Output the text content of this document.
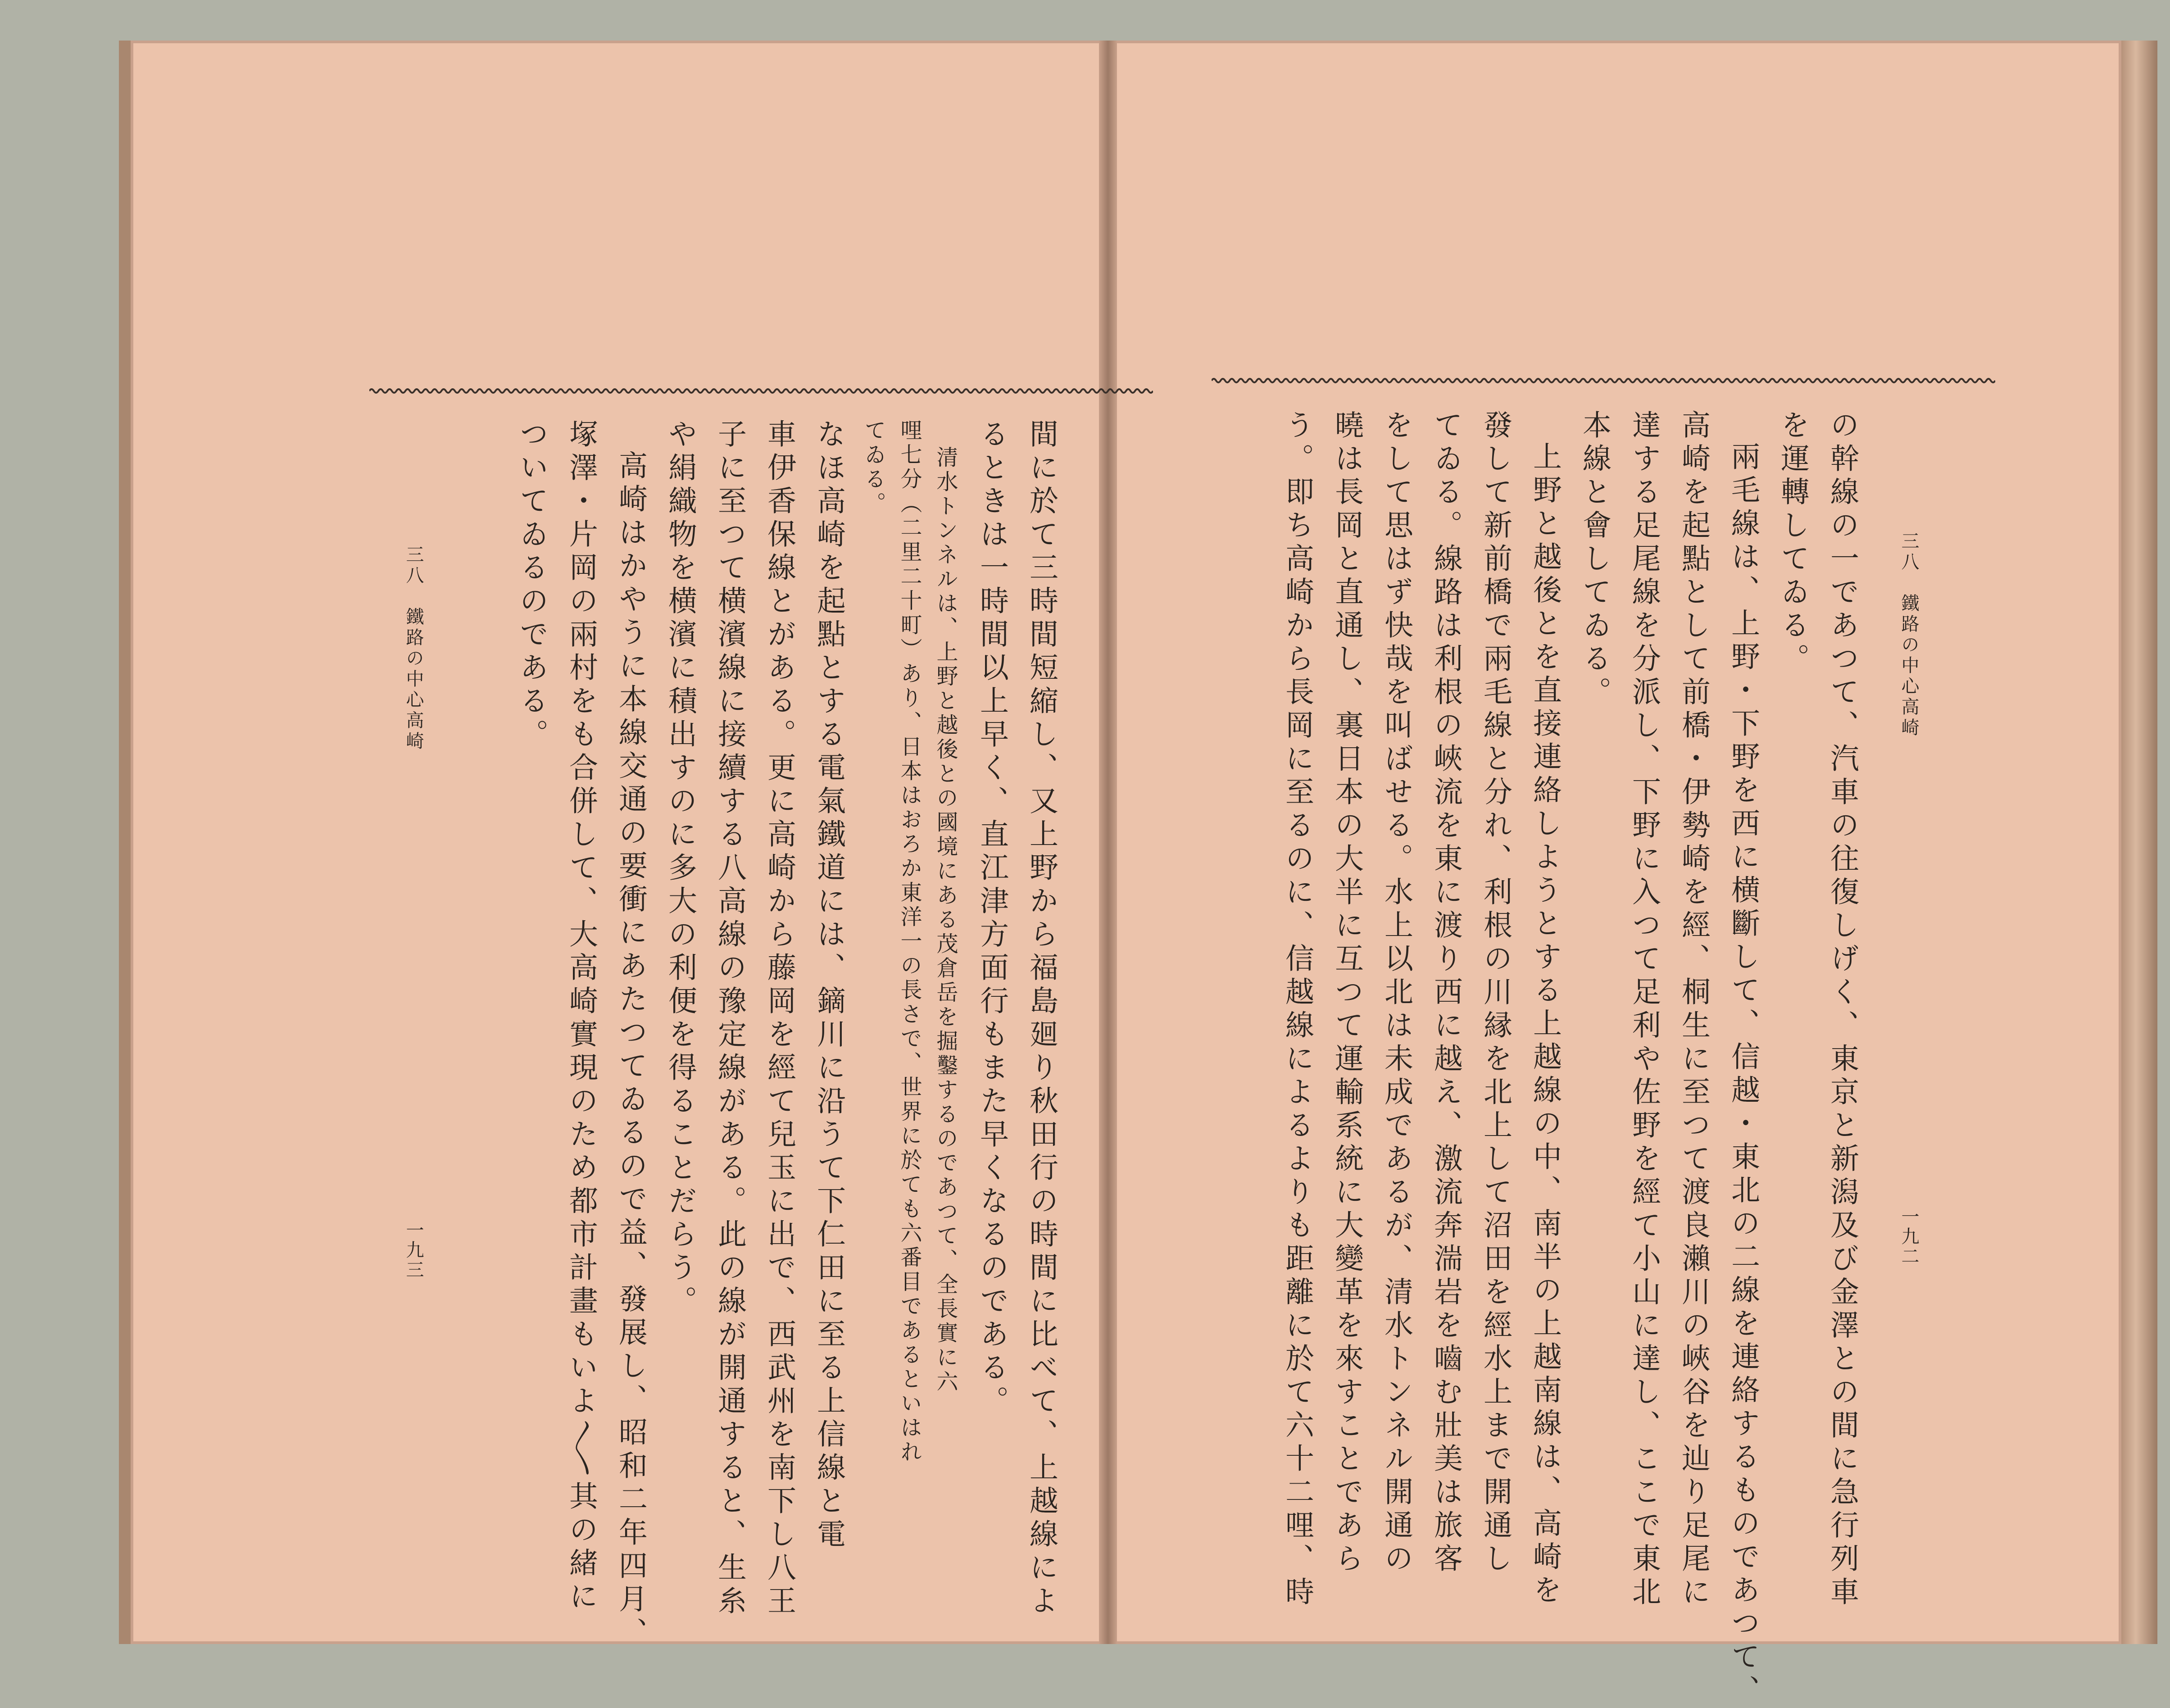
三八　鐵路の中心高崎
一九二
の幹線の一であつて、汽車の往復しげく、東京と新潟及び金澤との間に急行列車
を運轉してゐる。
兩毛線は、上野・下野を西に横斷して、信越・東北の二線を連絡するものであつて、
高崎を起點として前橋・伊勢崎を經、桐生に至つて渡良瀨川の峽谷を辿り足尾に
達する足尾線を分派し、下野に入つて足利や佐野を經て小山に達し、ここで東北
本線と會してゐる。
上野と越後とを直接連絡しようとする上越線の中、南半の上越南線は、高崎を
發して新前橋で兩毛線と分れ、利根の川縁を北上して沼田を經水上まで開通し
てゐる。線路は利根の峽流を東に渡り西に越え、激流奔湍岩を嚙む壯美は旅客
をして思はず快哉を叫ばせる。水上以北は未成であるが、清水トンネル開通の
曉は長岡と直通し、裏日本の大半に互つて運輸系統に大變革を來すことであら
う。即ち高崎から長岡に至るのに、信越線によるよりも距離に於て六十二哩、時
間に於て三時間短縮し、又上野から福島廻り秋田行の時間に比べて、上越線によ
るときは一時間以上早く、直江津方面行もまた早くなるのである。
清水トンネルは、上野と越後との國境にある茂倉岳を掘鑿するのであつて、全長實に六
哩七分（二里二十町）あり、日本はおろか東洋一の長さで、世界に於ても六番目であるといはれ
てゐる。
なほ高崎を起點とする電氣鐵道には、鏑川に沿うて下仁田に至る上信線と電
車伊香保線とがある。更に高崎から藤岡を經て兒玉に出で、西武州を南下し八王
子に至つて横濱線に接續する八高線の豫定線がある。此の線が開通すると、生糸
や絹織物を横濱に積出すのに多大の利便を得ることだらう。
高崎はかやうに本線交通の要衝にあたつてゐるので益、發展し、昭和二年四月、
塚澤・片岡の兩村をも合併して、大高崎實現のため都市計畫もいよ〳〵其の緒に
ついてゐるのである。
三八　鐵路の中心高崎
一九三
